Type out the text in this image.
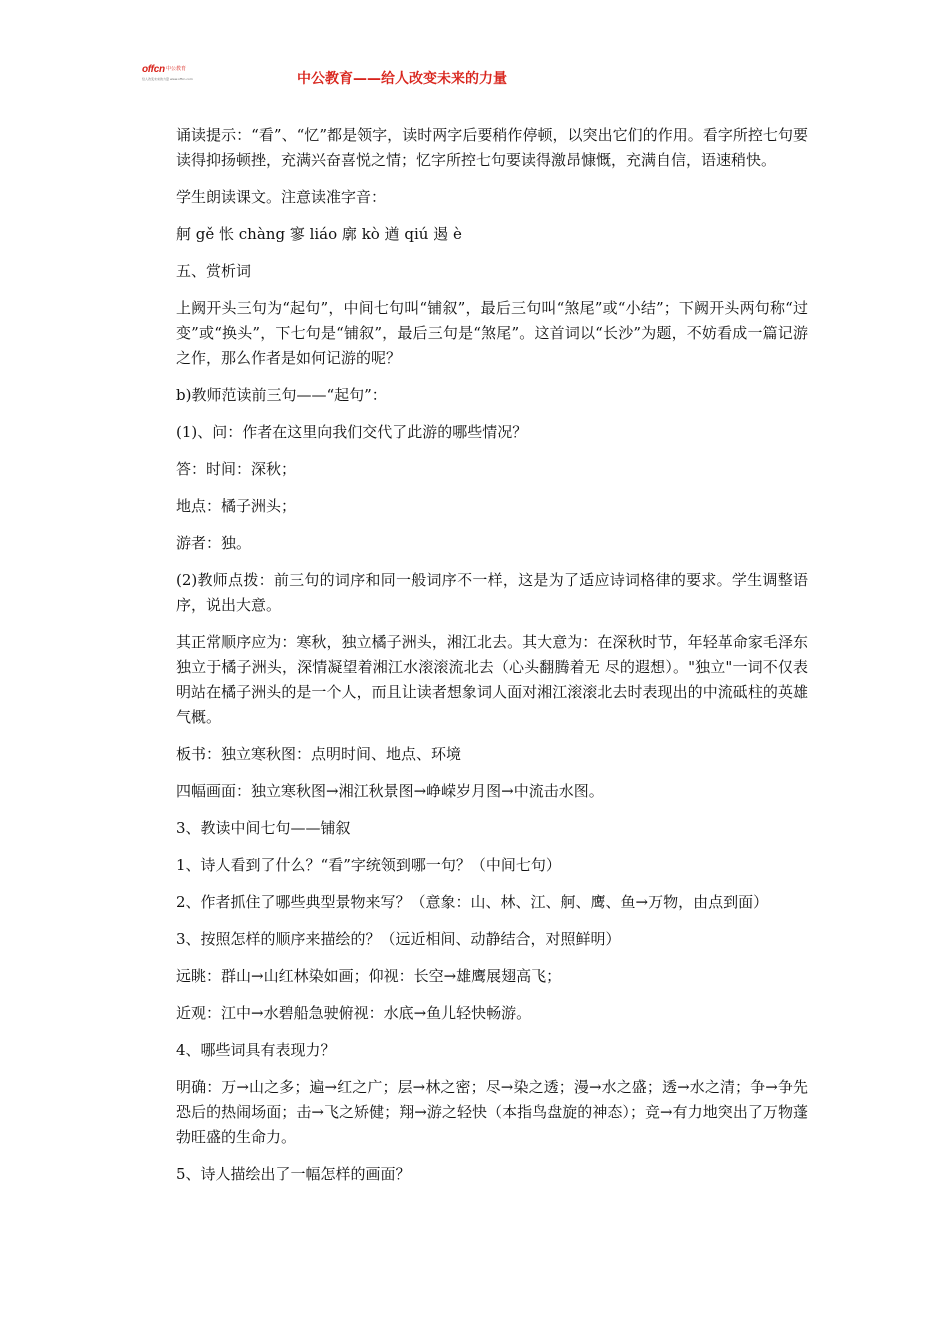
offcn 中公教育
给人改变未来的力量 www.offcn.com	中公教育——给人改变未来的力量

诵读提示：“看”、“忆”都是领字，读时两字后要稍作停顿，以突出它们的作用。看字所控七句要读得抑扬顿挫，充满兴奋喜悦之情；忆字所控七句要读得激昂慷慨，充满自信，语速稍快。

学生朗读课文。注意读准字音：

舸 gě 怅 chàng 寥 liáo 廓 kò 遒 qiú 遏 è

五、赏析词

上阙开头三句为“起句”，中间七句叫“铺叙”，最后三句叫“煞尾”或“小结”；下阙开头两句称“过变”或“换头”，下七句是“铺叙”，最后三句是“煞尾”。这首词以“长沙”为题，不妨看成一篇记游之作，那么作者是如何记游的呢？

b)教师范读前三句——“起句”：

(1)、问：作者在这里向我们交代了此游的哪些情况？

答：时间：深秋；

地点：橘子洲头；

游者：独。

(2)教师点拨：前三句的词序和同一般词序不一样，这是为了适应诗词格律的要求。学生调整语序，说出大意。

其正常顺序应为：寒秋，独立橘子洲头，湘江北去。其大意为：在深秋时节，年轻革命家毛泽东独立于橘子洲头，深情凝望着湘江水滚滚流北去（心头翻腾着无 尽的遐想）。"独立"一词不仅表明站在橘子洲头的是一个人，而且让读者想象词人面对湘江滚滚北去时表现出的中流砥柱的英雄气概。

板书：独立寒秋图：点明时间、地点、环境

四幅画面：独立寒秋图→湘江秋景图→峥嵘岁月图→中流击水图。

3、教读中间七句——铺叙

1、诗人看到了什么？“看”字统领到哪一句？（中间七句）

2、作者抓住了哪些典型景物来写？（意象：山、林、江、舸、鹰、鱼→万物，由点到面）

3、按照怎样的顺序来描绘的？（远近相间、动静结合，对照鲜明）

远眺：群山→山红林染如画；仰视：长空→雄鹰展翅高飞；

近观：江中→水碧船急驶俯视：水底→鱼儿轻快畅游。

4、哪些词具有表现力？

明确：万→山之多；遍→红之广；层→林之密；尽→染之透；漫→水之盛；透→水之清；争→争先恐后的热闹场面；击→飞之矫健；翔→游之轻快（本指鸟盘旋的神态）；竞→有力地突出了万物蓬勃旺盛的生命力。

5、诗人描绘出了一幅怎样的画面？
